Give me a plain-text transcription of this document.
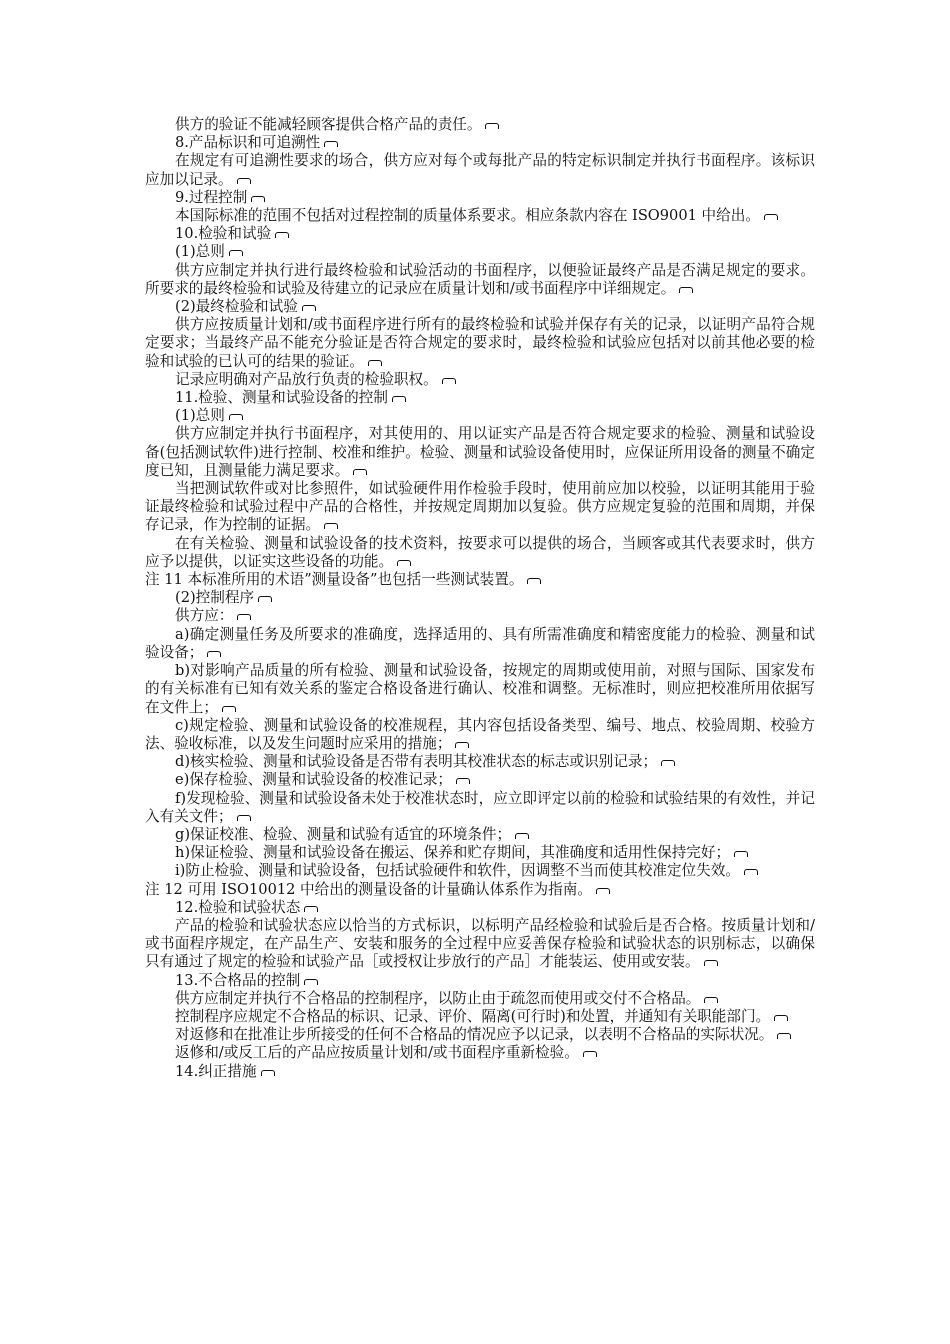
供方的验证不能减轻顾客提供合格产品的责任。

8.产品标识和可追溯性

在规定有可追溯性要求的场合，供方应对每个或每批产品的特定标识制定并执行书面程序。该标识应加以记录。

9.过程控制

本国际标准的范围不包括对过程控制的质量体系要求。相应条款内容在 ISO9001 中给出。

10.检验和试验

(1)总则

供方应制定并执行进行最终检验和试验活动的书面程序，以便验证最终产品是否满足规定的要求。所要求的最终检验和试验及待建立的记录应在质量计划和/或书面程序中详细规定。

(2)最终检验和试验

供方应按质量计划和/或书面程序进行所有的最终检验和试验并保存有关的记录，以证明产品符合规定要求；当最终产品不能充分验证是否符合规定的要求时，最终检验和试验应包括对以前其他必要的检验和试验的已认可的结果的验证。

记录应明确对产品放行负责的检验职权。

11.检验、测量和试验设备的控制

(1)总则

供方应制定并执行书面程序，对其使用的、用以证实产品是否符合规定要求的检验、测量和试验设备(包括测试软件)进行控制、校准和维护。检验、测量和试验设备使用时，应保证所用设备的测量不确定度已知，且测量能力满足要求。

当把测试软件或对比参照件，如试验硬件用作检验手段时，使用前应加以校验，以证明其能用于验证最终检验和试验过程中产品的合格性，并按规定周期加以复验。供方应规定复验的范围和周期，并保存记录，作为控制的证据。

在有关检验、测量和试验设备的技术资料，按要求可以提供的场合，当顾客或其代表要求时，供方应予以提供，以证实这些设备的功能。

注 11 本标准所用的术语”测量设备”也包括一些测试装置。

(2)控制程序

供方应：

a)确定测量任务及所要求的准确度，选择适用的、具有所需准确度和精密度能力的检验、测量和试验设备；

b)对影响产品质量的所有检验、测量和试验设备，按规定的周期或使用前，对照与国际、国家发布的有关标准有已知有效关系的鉴定合格设备进行确认、校准和调整。无标准时，则应把校准所用依据写在文件上；

c)规定检验、测量和试验设备的校准规程，其内容包括设备类型、编号、地点、校验周期、校验方法、验收标准，以及发生问题时应采用的措施；

d)核实检验、测量和试验设备是否带有表明其校准状态的标志或识别记录；

e)保存检验、测量和试验设备的校准记录；

f)发现检验、测量和试验设备未处于校准状态时，应立即评定以前的检验和试验结果的有效性，并记入有关文件；

g)保证校准、检验、测量和试验有适宜的环境条件；

h)保证检验、测量和试验设备在搬运、保养和贮存期间，其准确度和适用性保持完好；

i)防止检验、测量和试验设备，包括试验硬件和软件，因调整不当而使其校准定位失效。

注 12 可用 ISO10012 中给出的测量设备的计量确认体系作为指南。

12.检验和试验状态

产品的检验和试验状态应以恰当的方式标识，以标明产品经检验和试验后是否合格。按质量计划和/或书面程序规定，在产品生产、安装和服务的全过程中应妥善保存检验和试验状态的识别标志，以确保只有通过了规定的检验和试验产品［或授权让步放行的产品］才能装运、使用或安装。

13.不合格品的控制

供方应制定并执行不合格品的控制程序，以防止由于疏忽而使用或交付不合格品。

控制程序应规定不合格品的标识、记录、评价、隔离(可行时)和处置，并通知有关职能部门。

对返修和在批准让步所接受的任何不合格品的情况应予以记录，以表明不合格品的实际状况。

返修和/或反工后的产品应按质量计划和/或书面程序重新检验。

14.纠正措施
